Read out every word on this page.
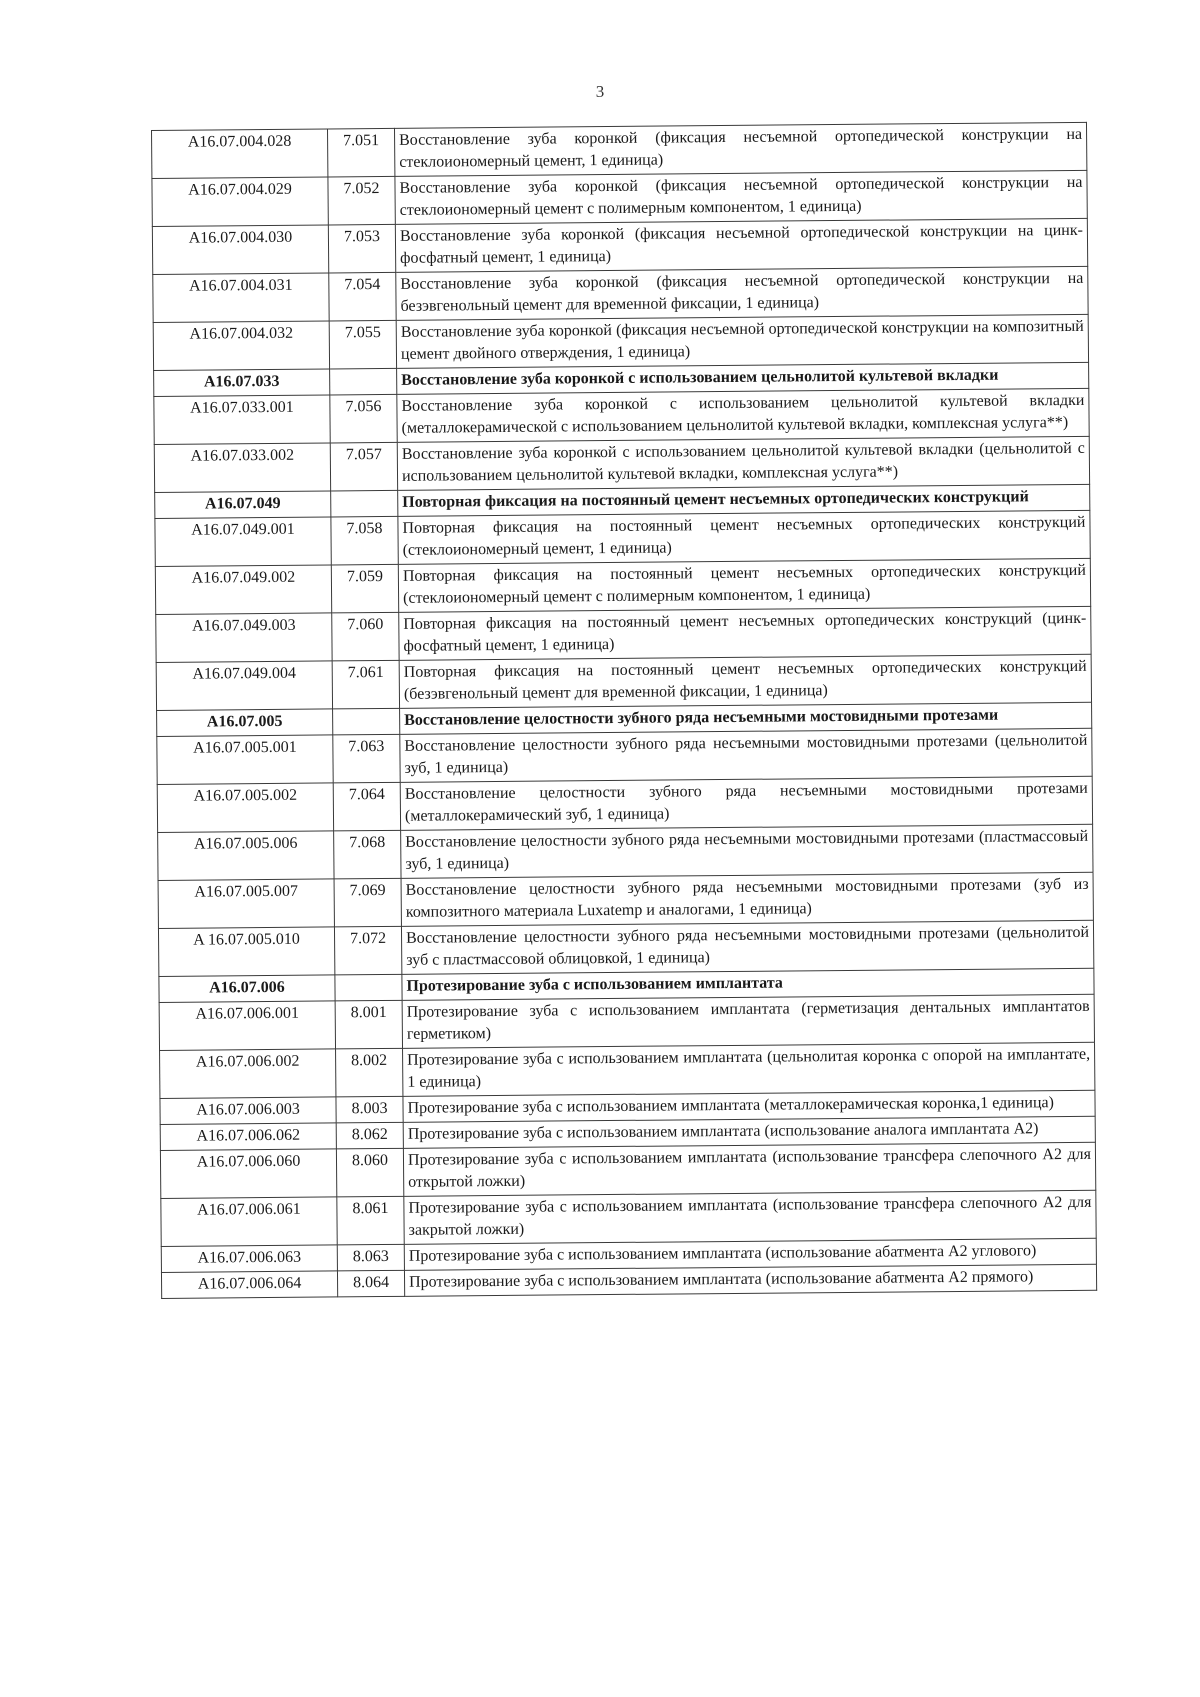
3
A16.07.004.028	7.051	Восстановление зуба коронкой (фиксация несъемной ортопедической конструкции на стеклоиономерный цемент, 1 единица)
A16.07.004.029	7.052	Восстановление зуба коронкой (фиксация несъемной ортопедической конструкции на стеклоиономерный цемент с полимерным компонентом, 1 единица)
A16.07.004.030	7.053	Восстановление зуба коронкой (фиксация несъемной ортопедической конструкции на цинк-фосфатный цемент, 1 единица)
A16.07.004.031	7.054	Восстановление зуба коронкой (фиксация несъемной ортопедической конструкции на безэвгенольный цемент для временной фиксации, 1 единица)
A16.07.004.032	7.055	Восстановление зуба коронкой (фиксация несъемной ортопедической конструкции на композитный цемент двойного отверждения, 1 единица)
A16.07.033		Восстановление зуба коронкой с использованием цельнолитой культевой вкладки
A16.07.033.001	7.056	Восстановление зуба коронкой с использованием цельнолитой культевой вкладки (металлокерамической с использованием цельнолитой культевой вкладки, комплексная услуга**)
A16.07.033.002	7.057	Восстановление зуба коронкой с использованием цельнолитой культевой вкладки (цельнолитой с использованием цельнолитой культевой вкладки, комплексная услуга**)
A16.07.049		Повторная фиксация на постоянный цемент несъемных ортопедических конструкций
A16.07.049.001	7.058	Повторная фиксация на постоянный цемент несъемных ортопедических конструкций (стеклоиономерный цемент, 1 единица)
A16.07.049.002	7.059	Повторная фиксация на постоянный цемент несъемных ортопедических конструкций (стеклоиономерный цемент с полимерным компонентом, 1 единица)
A16.07.049.003	7.060	Повторная фиксация на постоянный цемент несъемных ортопедических конструкций (цинк-фосфатный цемент, 1 единица)
A16.07.049.004	7.061	Повторная фиксация на постоянный цемент несъемных ортопедических конструкций (безэвгенольный цемент для временной фиксации, 1 единица)
A16.07.005		Восстановление целостности зубного ряда несъемными мостовидными протезами
A16.07.005.001	7.063	Восстановление целостности зубного ряда несъемными мостовидными протезами (цельнолитой зуб, 1 единица)
A16.07.005.002	7.064	Восстановление целостности зубного ряда несъемными мостовидными протезами (металлокерамический зуб, 1 единица)
A16.07.005.006	7.068	Восстановление целостности зубного ряда несъемными мостовидными протезами (пластмассовый зуб, 1 единица)
A16.07.005.007	7.069	Восстановление целостности зубного ряда несъемными мостовидными протезами (зуб из композитного материала Luxatemp и аналогами, 1 единица)
A 16.07.005.010	7.072	Восстановление целостности зубного ряда несъемными мостовидными протезами (цельнолитой зуб с пластмассовой облицовкой, 1 единица)
A16.07.006		Протезирование зуба с использованием имплантата
A16.07.006.001	8.001	Протезирование зуба с использованием имплантата (герметизация дентальных имплантатов герметиком)
A16.07.006.002	8.002	Протезирование зуба с использованием имплантата (цельнолитая коронка с опорой на имплантате, 1 единица)
A16.07.006.003	8.003	Протезирование зуба с использованием имплантата (металлокерамическая коронка,1 единица)
A16.07.006.062	8.062	Протезирование зуба с использованием имплантата (использование аналога имплантата A2)
A16.07.006.060	8.060	Протезирование зуба с использованием имплантата (использование трансфера слепочного A2 для открытой ложки)
A16.07.006.061	8.061	Протезирование зуба с использованием имплантата (использование трансфера слепочного A2 для закрытой ложки)
A16.07.006.063	8.063	Протезирование зуба с использованием имплантата (использование абатмента A2 углового)
A16.07.006.064	8.064	Протезирование зуба с использованием имплантата (использование абатмента A2 прямого)
